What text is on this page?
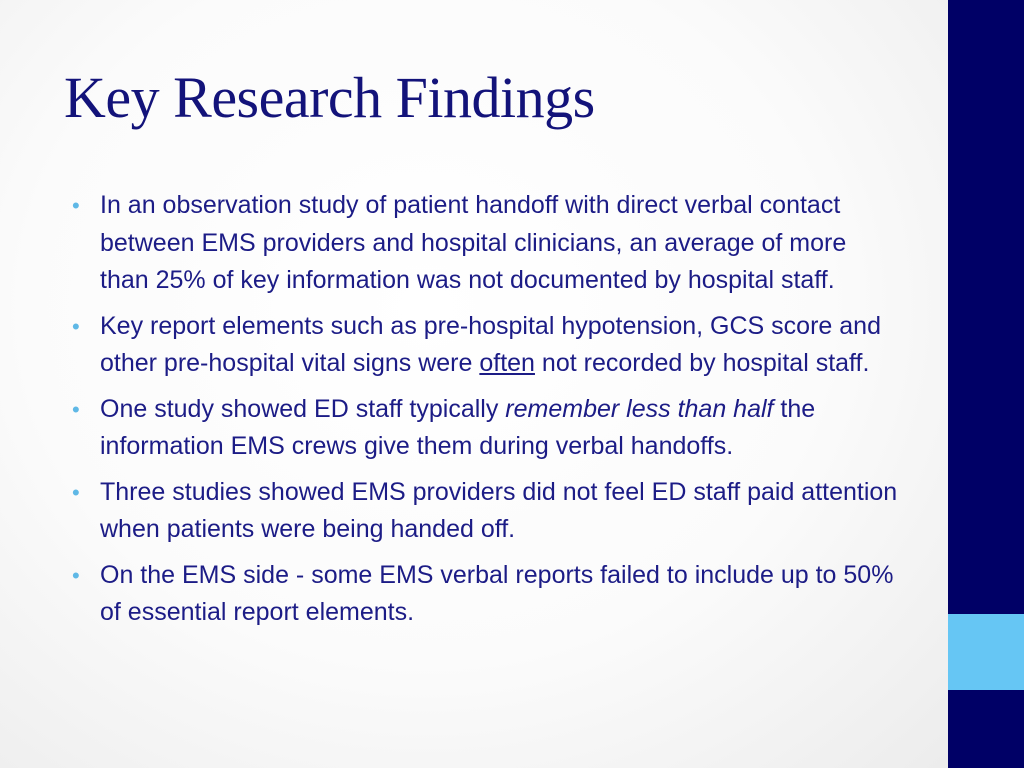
Key Research Findings
• In an observation study of patient handoff with direct verbal contact between EMS providers and hospital clinicians, an average of more than 25% of key information was not documented by hospital staff.
• Key report elements such as pre-hospital hypotension, GCS score and other pre-hospital vital signs were often not recorded by hospital staff.
• One study showed ED staff typically remember less than half the information EMS crews give them during verbal handoffs.
• Three studies showed EMS providers did not feel ED staff paid attention when patients were being handed off.
• On the EMS side - some EMS verbal reports failed to include up to 50% of essential report elements.
